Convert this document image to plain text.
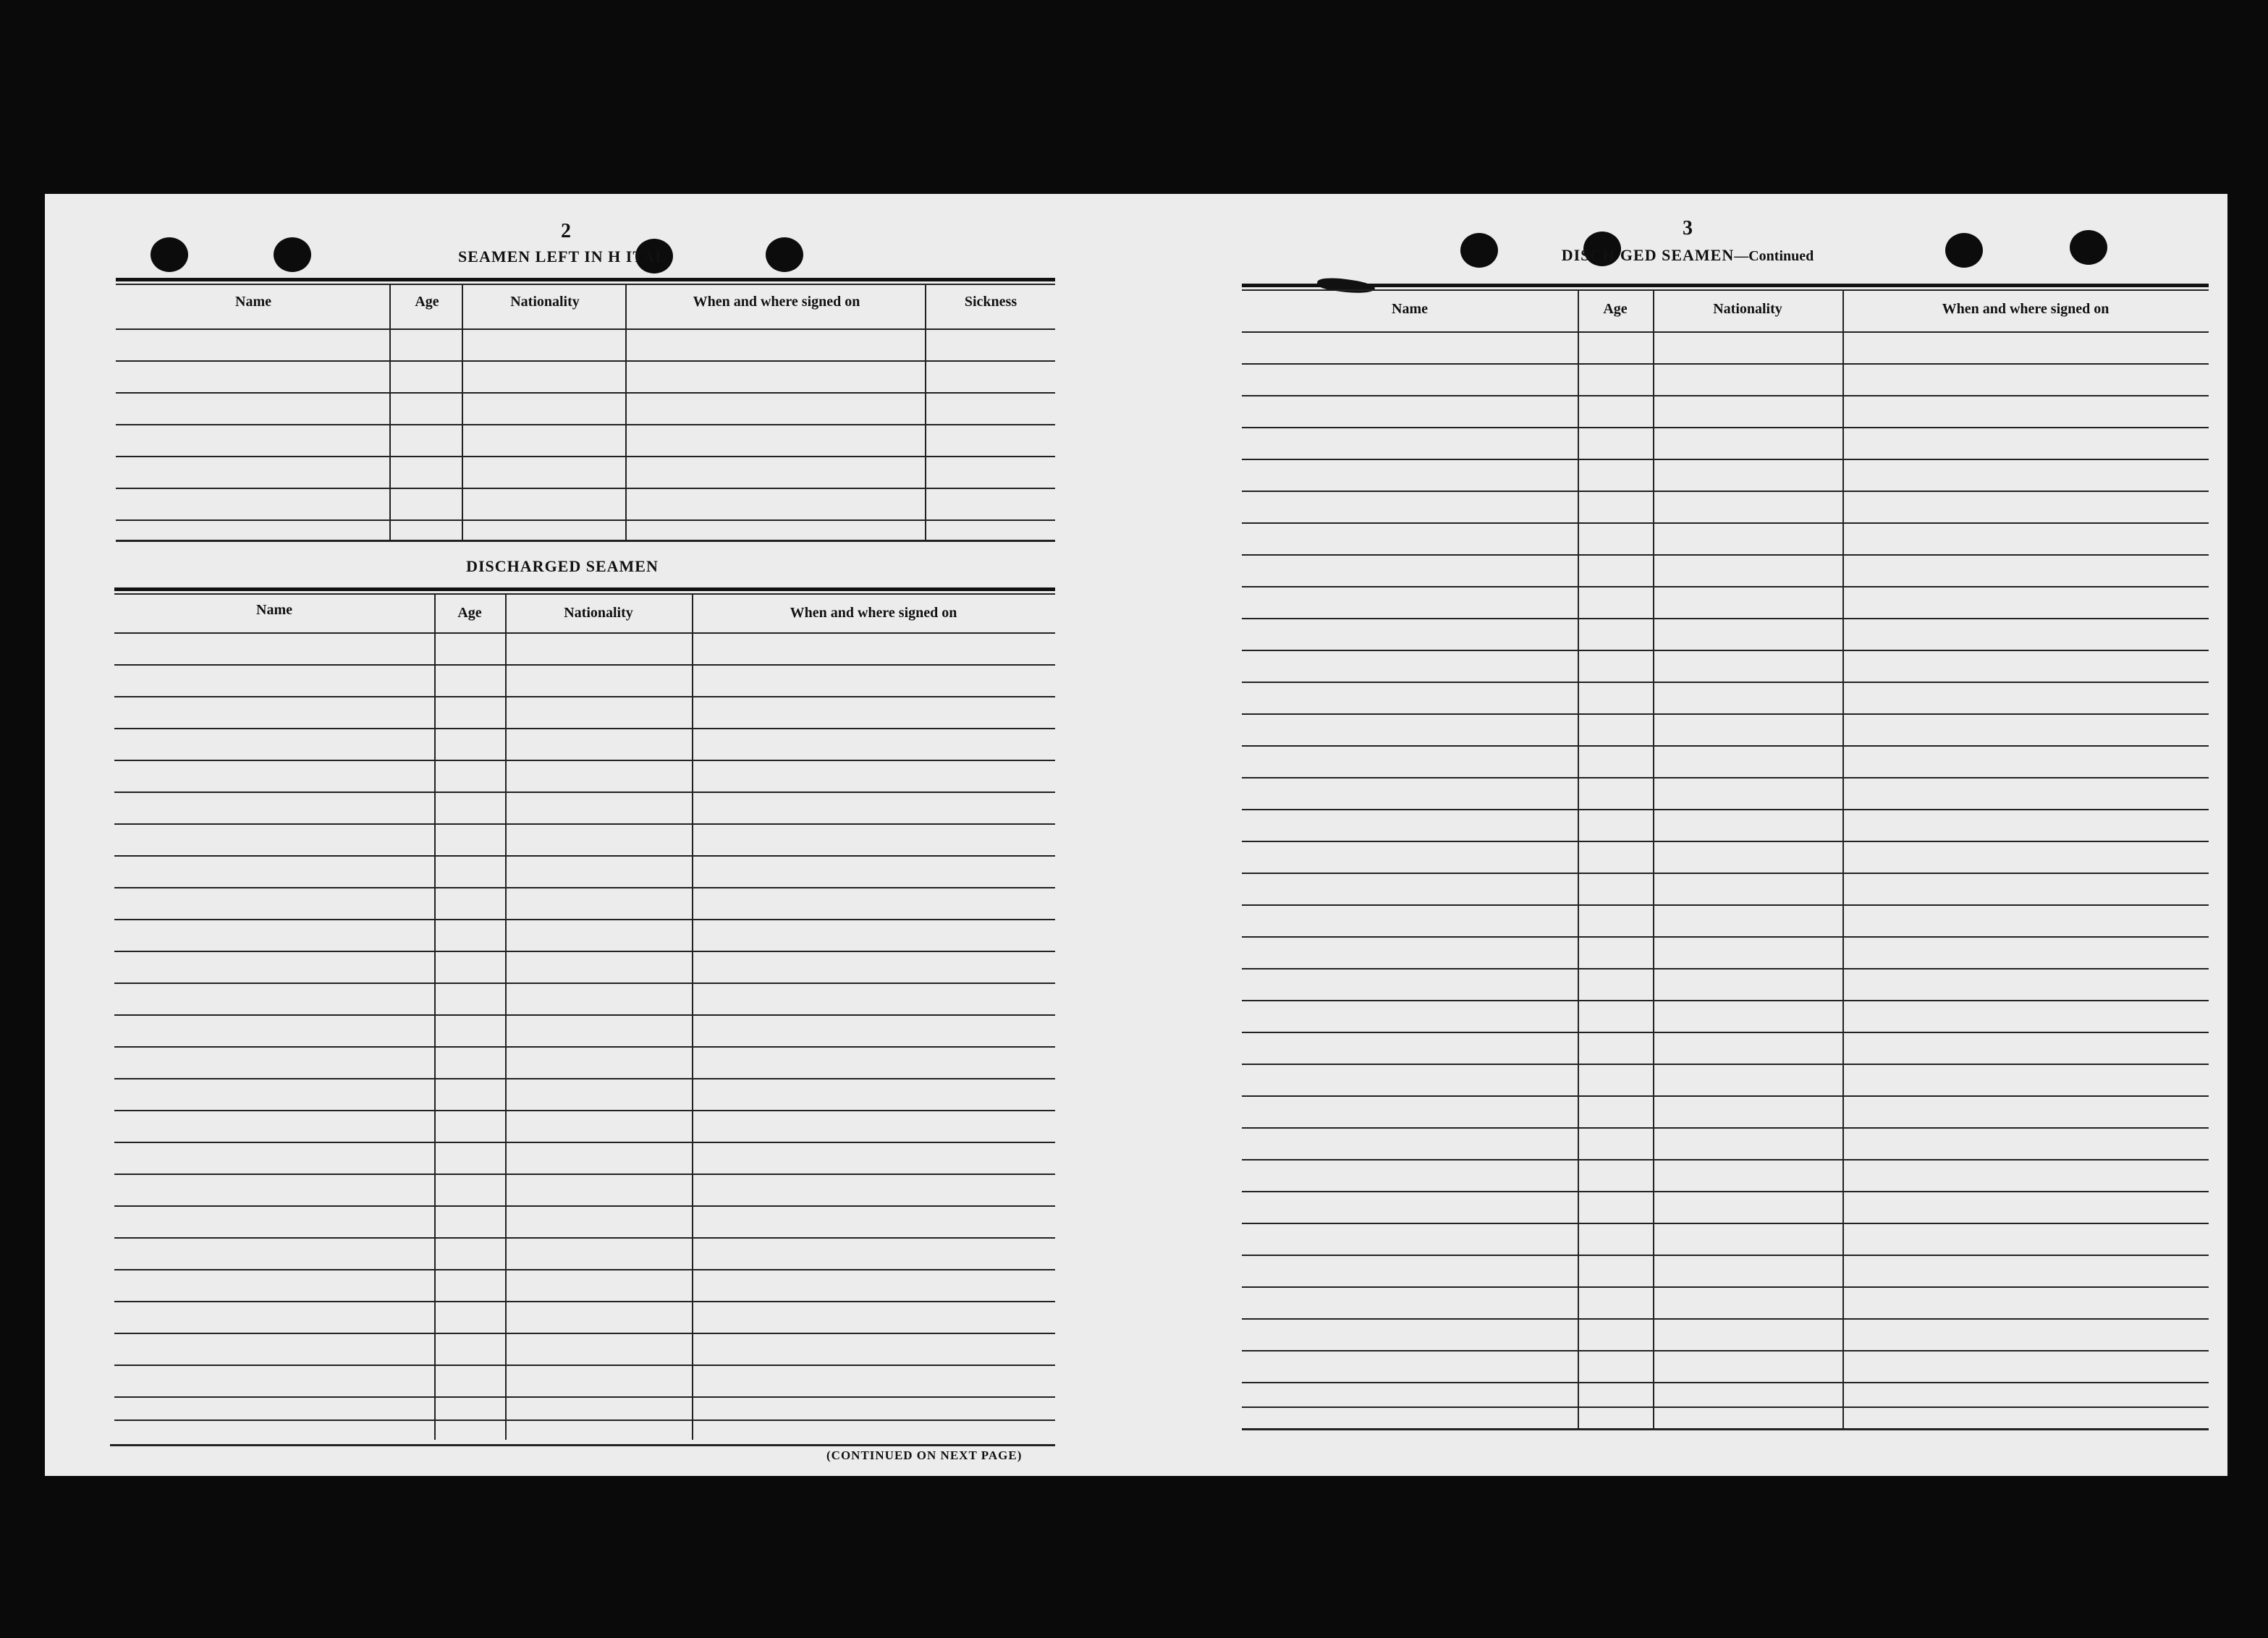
2
SEAMEN LEFT IN H ITAL
Name	Age	Nationality	When and where signed on	Sickness
DISCHARGED SEAMEN
Name	Age	Nationality	When and where signed on
(CONTINUED ON NEXT PAGE)
3
DISCH GED SEAMEN—Continued
Name	Age	Nationality	When and where signed on
